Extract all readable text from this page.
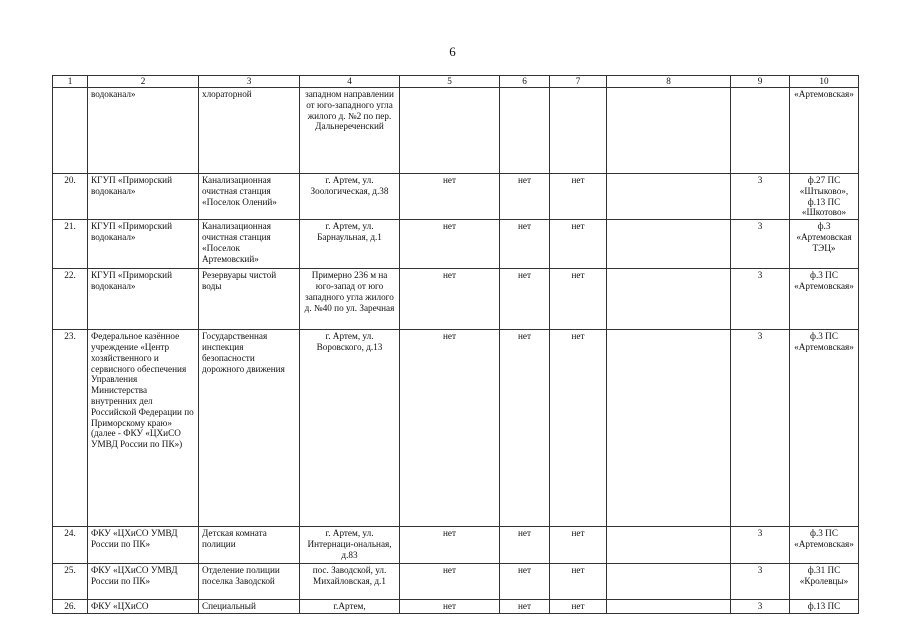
6
1	2	3	4	5	6	7	8	9	10
	водоканал»	хлораторной	западном направлении от юго-западного угла жилого д. №2 по пер. Дальнереченский						«Артемовская»
20.	КГУП «Приморский водоканал»	Канализационная очистная станция «Поселок Олений»	г. Артем, ул. Зоологическая, д.38	нет	нет	нет		3	ф.27 ПС «Штыково», ф.13 ПС «Шкотово»
21.	КГУП «Приморский водоканал»	Канализационная очистная станция «Поселок Артемовский»	г. Артем, ул. Барнаульная, д.1	нет	нет	нет		3	ф.3 «Артемовская ТЭЦ»
22.	КГУП «Приморский водоканал»	Резервуары чистой воды	Примерно 236 м на юго-запад от юго западного угла жилого д. №40 по ул. Заречная	нет	нет	нет		3	ф.3 ПС «Артемовская»
23.	Федеральное казённое учреждение «Центр хозяйственного и сервисного обеспечения Управления Министерства внутренних дел Российской Федерации по Приморскому краю» (далее - ФКУ «ЦХиСО УМВД России по ПК»)	Государственная инспекция безопасности дорожного движения	г. Артем, ул. Воровского, д.13	нет	нет	нет		3	ф.3 ПС «Артемовская»
24.	ФКУ «ЦХиСО УМВД России по ПК»	Детская комната полиции	г. Артем, ул. Интернаци-ональная, д.83	нет	нет	нет		3	ф.3 ПС «Артемовская»
25.	ФКУ «ЦХиСО УМВД России по ПК»	Отделение полиции поселка Заводской	пос. Заводской, ул. Михайловская, д.1	нет	нет	нет		3	ф.31 ПС «Кролевцы»
26.	ФКУ «ЦХиСО	Специальный	г.Артем,	нет	нет	нет		3	ф.13 ПС
